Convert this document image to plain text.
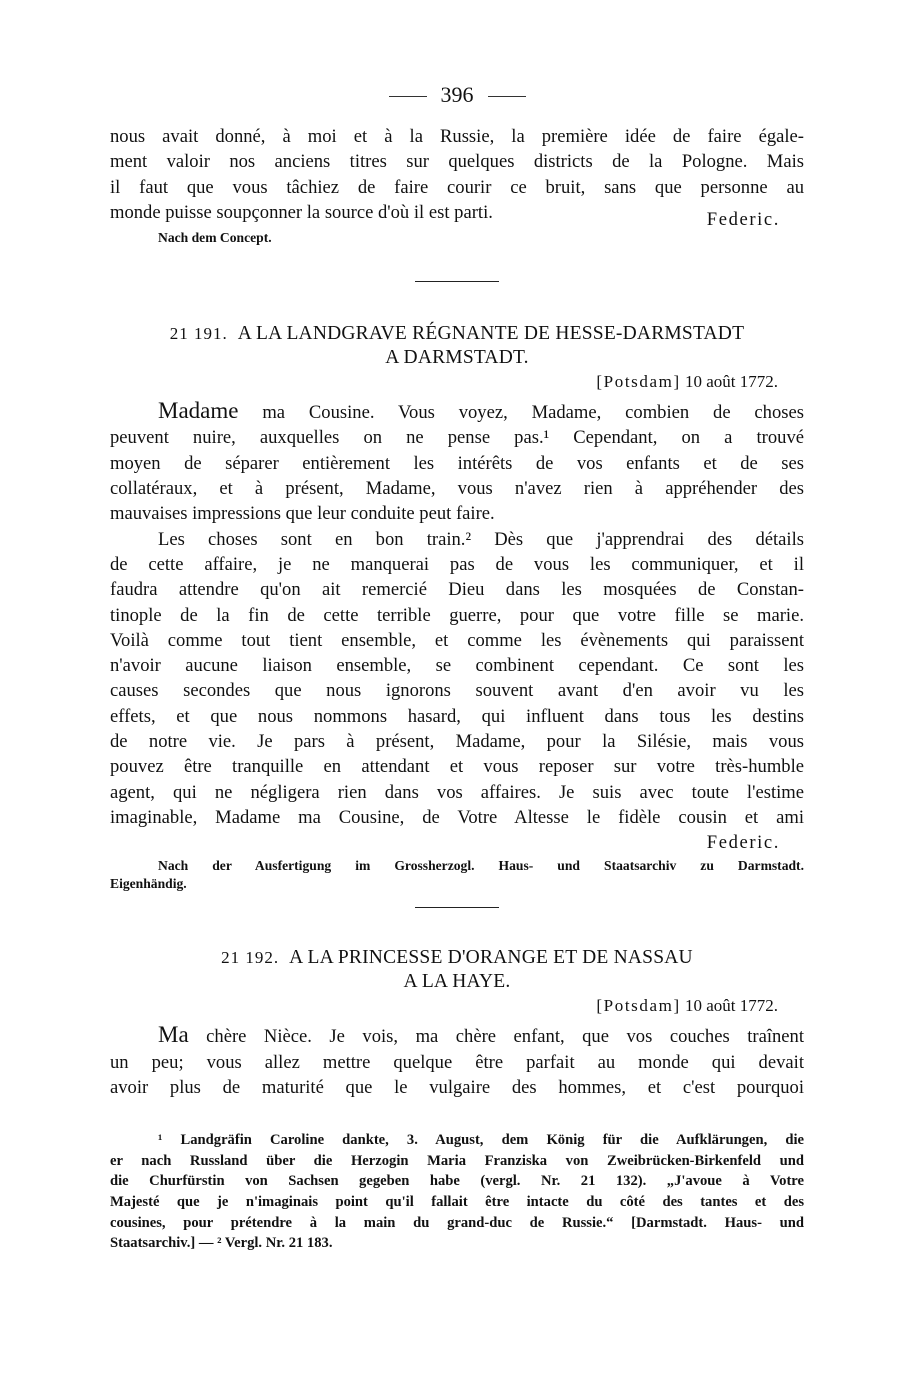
396
nous avait donné, à moi et à la Russie, la première idée de faire égale-
ment valoir nos anciens titres sur quelques districts de la Pologne. Mais
il faut que vous tâchiez de faire courir ce bruit, sans que personne au
monde puisse soupçonner la source d'où il est parti.
Nach dem Concept.
Federic.
21 191. A LA LANDGRAVE RÉGNANTE DE HESSE-DARMSTADT
A DARMSTADT.
[Potsdam] 10 août 1772.
Madame ma Cousine. Vous voyez, Madame, combien de choses
peuvent nuire, auxquelles on ne pense pas.¹ Cependant, on a trouvé
moyen de séparer entièrement les intérêts de vos enfants et de ses
collatéraux, et à présent, Madame, vous n'avez rien à appréhender des
mauvaises impressions que leur conduite peut faire.
Les choses sont en bon train.² Dès que j'apprendrai des détails
de cette affaire, je ne manquerai pas de vous les communiquer, et il
faudra attendre qu'on ait remercié Dieu dans les mosquées de Constan-
tinople de la fin de cette terrible guerre, pour que votre fille se marie.
Voilà comme tout tient ensemble, et comme les évènements qui paraissent
n'avoir aucune liaison ensemble, se combinent cependant. Ce sont les
causes secondes que nous ignorons souvent avant d'en avoir vu les
effets, et que nous nommons hasard, qui influent dans tous les destins
de notre vie. Je pars à présent, Madame, pour la Silésie, mais vous
pouvez être tranquille en attendant et vous reposer sur votre très-humble
agent, qui ne négligera rien dans vos affaires. Je suis avec toute l'estime
imaginable, Madame ma Cousine, de Votre Altesse le fidèle cousin et ami
Federic.
Nach der Ausfertigung im Grossherzogl. Haus- und Staatsarchiv zu Darmstadt.
Eigenhändig.
21 192. A LA PRINCESSE D'ORANGE ET DE NASSAU
A LA HAYE.
[Potsdam] 10 août 1772.
Ma chère Nièce. Je vois, ma chère enfant, que vos couches traînent
un peu; vous allez mettre quelque être parfait au monde qui devait
avoir plus de maturité que le vulgaire des hommes, et c'est pourquoi
¹ Landgräfin Caroline dankte, 3. August, dem König für die Aufklärungen, die
er nach Russland über die Herzogin Maria Franziska von Zweibrücken-Birkenfeld und
die Churfürstin von Sachsen gegeben habe (vergl. Nr. 21 132). „J'avoue à Votre
Majesté que je n'imaginais point qu'il fallait être intacte du côté des tantes et des
cousines, pour prétendre à la main du grand-duc de Russie.“ [Darmstadt. Haus- und
Staatsarchiv.] — ² Vergl. Nr. 21 183.
